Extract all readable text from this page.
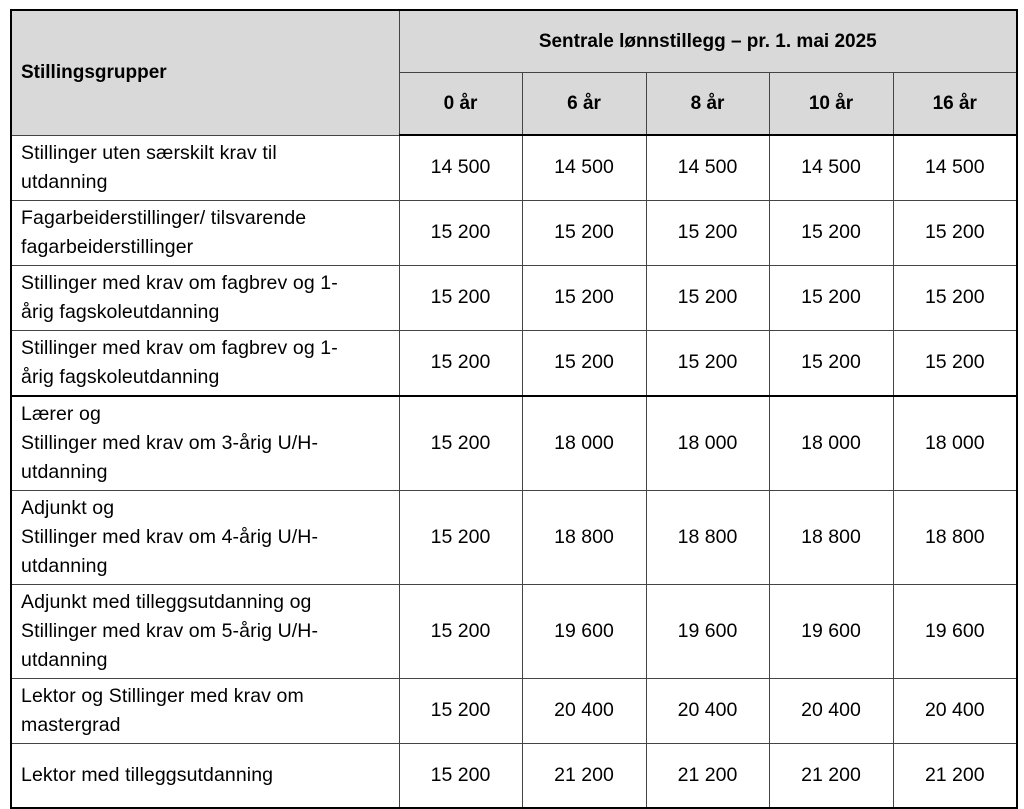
Stillingsgrupper	Sentrale lønnstillegg – pr. 1. mai 2025				
	0 år	6 år	8 år	10 år	16 år

Stillinger uten særskilt krav til
utdanning	14 500	14 500	14 500	14 500	14 500

Fagarbeiderstillinger/ tilsvarende
fagarbeiderstillinger	15 200	15 200	15 200	15 200	15 200

Stillinger med krav om fagbrev og 1-
årig fagskoleutdanning	15 200	15 200	15 200	15 200	15 200

Stillinger med krav om fagbrev og 1-
årig fagskoleutdanning	15 200	15 200	15 200	15 200	15 200

Lærer og
Stillinger med krav om 3-årig U/H-
utdanning	15 200	18 000	18 000	18 000	18 000

Adjunkt og
Stillinger med krav om 4-årig U/H-
utdanning	15 200	18 800	18 800	18 800	18 800

Adjunkt med tilleggsutdanning og
Stillinger med krav om 5-årig U/H-
utdanning	15 200	19 600	19 600	19 600	19 600

Lektor og Stillinger med krav om
mastergrad	15 200	20 400	20 400	20 400	20 400

Lektor med tilleggsutdanning	15 200	21 200	21 200	21 200	21 200
